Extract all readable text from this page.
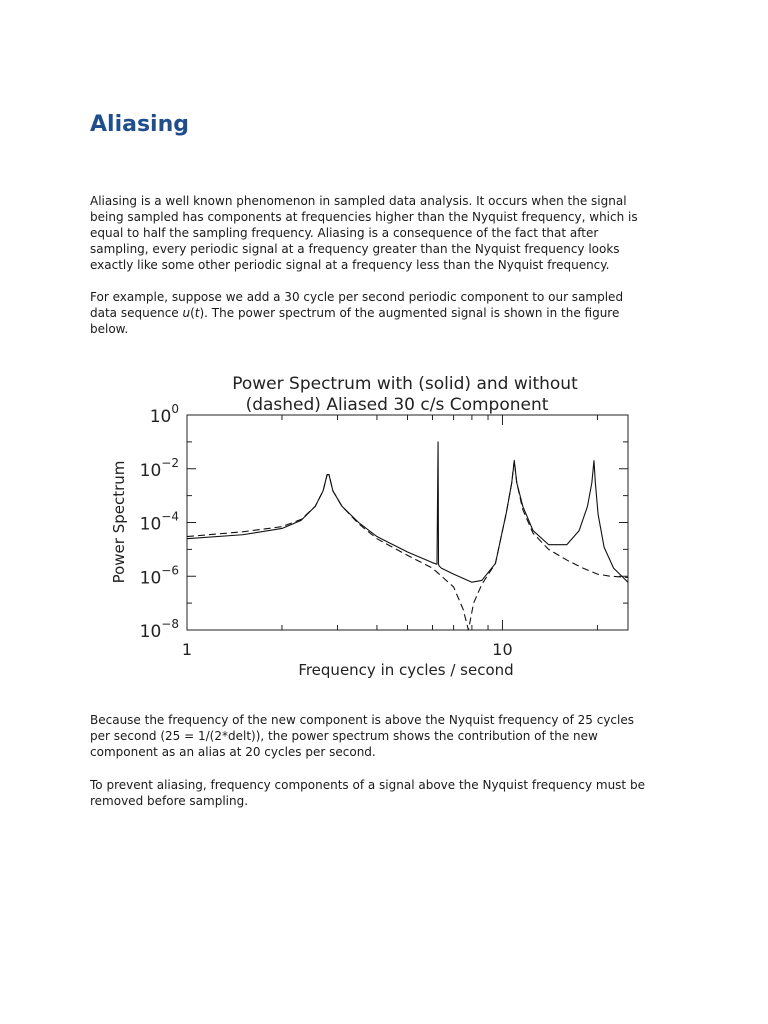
Aliasing

Aliasing is a well known phenomenon in sampled data analysis. It occurs when the signal
being sampled has components at frequencies higher than the Nyquist frequency, which is
equal to half the sampling frequency. Aliasing is a consequence of the fact that after
sampling, every periodic signal at a frequency greater than the Nyquist frequency looks
exactly like some other periodic signal at a frequency less than the Nyquist frequency.

For example, suppose we add a 30 cycle per second periodic component to our sampled
data sequence u(t). The power spectrum of the augmented signal is shown in the figure
below.

Power Spectrum with (solid) and without
(dashed) Aliased 30 c/s Component
$10^0$
$10^{-2}$
$10^{-4}$
$10^{-6}$
$10^{-8}$
1	10
Frequency in cycles / second
Power Spectrum

Because the frequency of the new component is above the Nyquist frequency of 25 cycles
per second (25 = 1/(2*delt)), the power spectrum shows the contribution of the new
component as an alias at 20 cycles per second.

To prevent aliasing, frequency components of a signal above the Nyquist frequency must be
removed before sampling.
